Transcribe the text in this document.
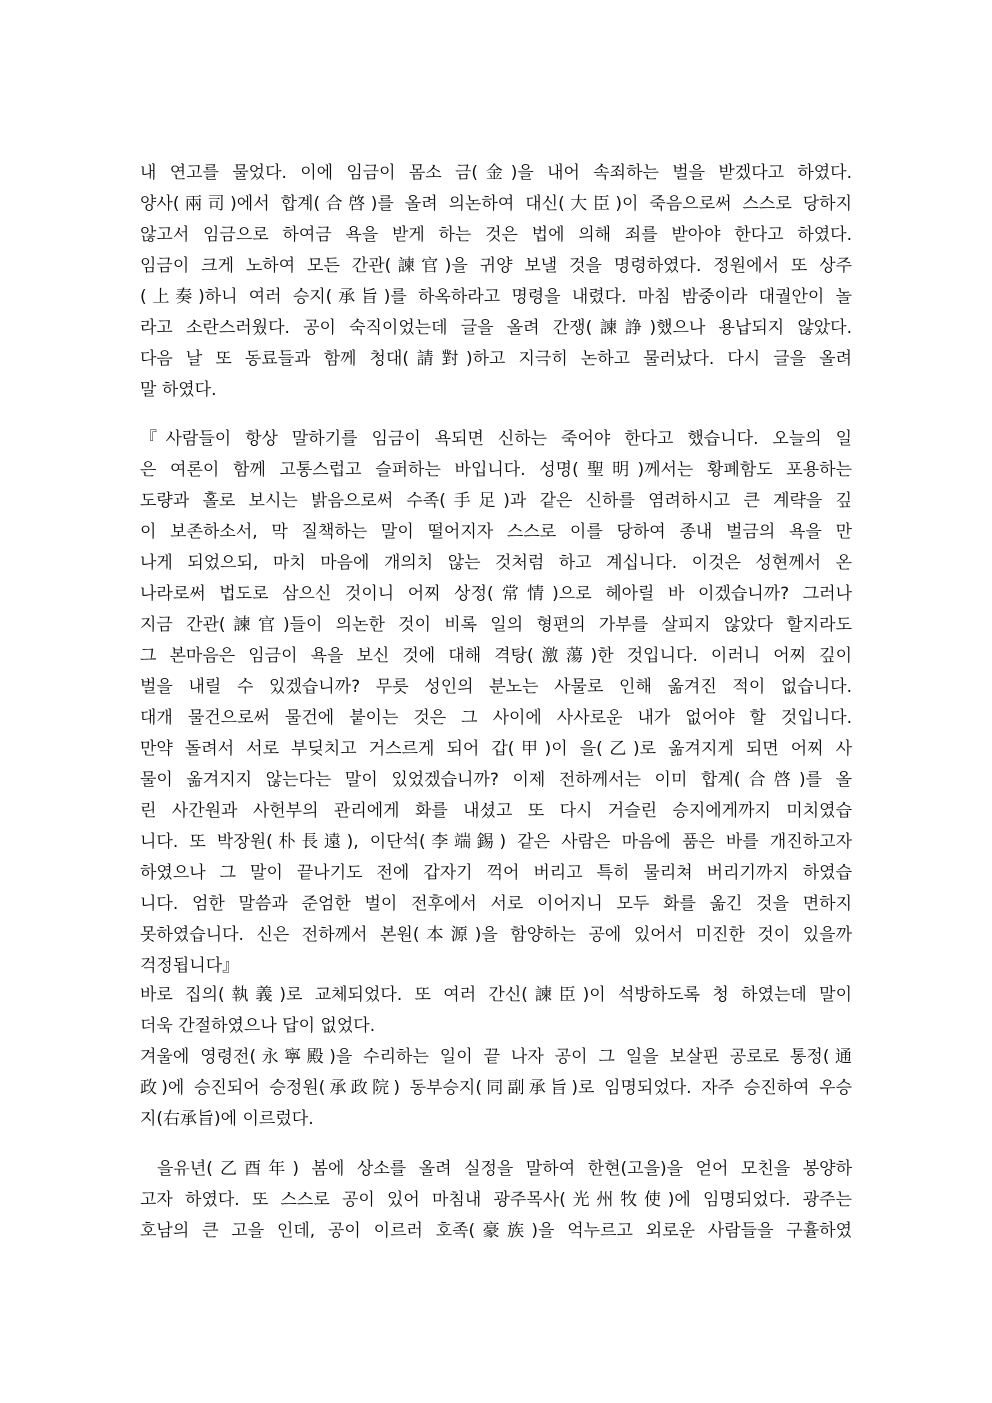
내 연고를 물었다. 이에 임금이 몸소 금(金)을 내어 속죄하는 벌을 받겠다고 하였다.
양사(兩司)에서 합계(合啓)를 올려 의논하여 대신(大臣)이 죽음으로써 스스로 당하지
않고서 임금으로 하여금 욕을 받게 하는 것은 법에 의해 죄를 받아야 한다고 하였다.
임금이 크게 노하여 모든 간관(諫官)을 귀양 보낼 것을 명령하였다. 정원에서 또 상주
(上奏)하니 여러 승지(承旨)를 하옥하라고 명령을 내렸다. 마침 밤중이라 대궐안이 놀
라고 소란스러웠다. 공이 숙직이었는데 글을 올려 간쟁(諫諍)했으나 용납되지 않았다.
다음 날 또 동료들과 함께 청대(請對)하고 지극히 논하고 물러났다. 다시 글을 올려
말 하였다.
『사람들이 항상 말하기를 임금이 욕되면 신하는 죽어야 한다고 했습니다. 오늘의 일
은 여론이 함께 고통스럽고 슬퍼하는 바입니다. 성명(聖明)께서는 황폐함도 포용하는
도량과 홀로 보시는 밝음으로써 수족(手足)과 같은 신하를 염려하시고 큰 계략을 깊
이 보존하소서, 막 질책하는 말이 떨어지자 스스로 이를 당하여 종내 벌금의 욕을 만
나게 되었으되, 마치 마음에 개의치 않는 것처럼 하고 계십니다. 이것은 성현께서 온
나라로써 법도로 삼으신 것이니 어찌 상정(常情)으로 헤아릴 바 이겠습니까? 그러나
지금 간관(諫官)들이 의논한 것이 비록 일의 형편의 가부를 살피지 않았다 할지라도
그 본마음은 임금이 욕을 보신 것에 대해 격탕(激蕩)한 것입니다. 이러니 어찌 깊이
벌을 내릴 수 있겠습니까? 무릇 성인의 분노는 사물로 인해 옮겨진 적이 없습니다.
대개 물건으로써 물건에 붙이는 것은 그 사이에 사사로운 내가 없어야 할 것입니다.
만약 돌려서 서로 부딪치고 거스르게 되어 갑(甲)이 을(乙)로 옮겨지게 되면 어찌 사
물이 옮겨지지 않는다는 말이 있었겠습니까? 이제 전하께서는 이미 합계(合啓)를 올
린 사간원과 사헌부의 관리에게 화를 내셨고 또 다시 거슬린 승지에게까지 미치였습
니다. 또 박장원(朴長遠), 이단석(李端錫) 같은 사람은 마음에 품은 바를 개진하고자
하였으나 그 말이 끝나기도 전에 갑자기 꺽어 버리고 특히 물리쳐 버리기까지 하였습
니다. 엄한 말씀과 준엄한 벌이 전후에서 서로 이어지니 모두 화를 옮긴 것을 면하지
못하였습니다. 신은 전하께서 본원(本源)을 함양하는 공에 있어서 미진한 것이 있을까
걱정됩니다』
바로 집의(執義)로 교체되었다. 또 여러 간신(諫臣)이 석방하도록 청 하였는데 말이
더욱 간절하였으나 답이 없었다.
겨울에 영령전(永寧殿)을 수리하는 일이 끝 나자 공이 그 일을 보살핀 공로로 통정(通
政)에 승진되어 승정원(承政院) 동부승지(同副承旨)로 임명되었다. 자주 승진하여 우승
지(右承旨)에 이르렀다.
을유년(乙酉年) 봄에 상소를 올려 실정을 말하여 한현(고을)을 얻어 모친을 봉양하
고자 하였다. 또 스스로 공이 있어 마침내 광주목사(光州牧使)에 임명되었다. 광주는
호남의 큰 고을 인데, 공이 이르러 호족(豪族)을 억누르고 외로운 사람들을 구휼하였
